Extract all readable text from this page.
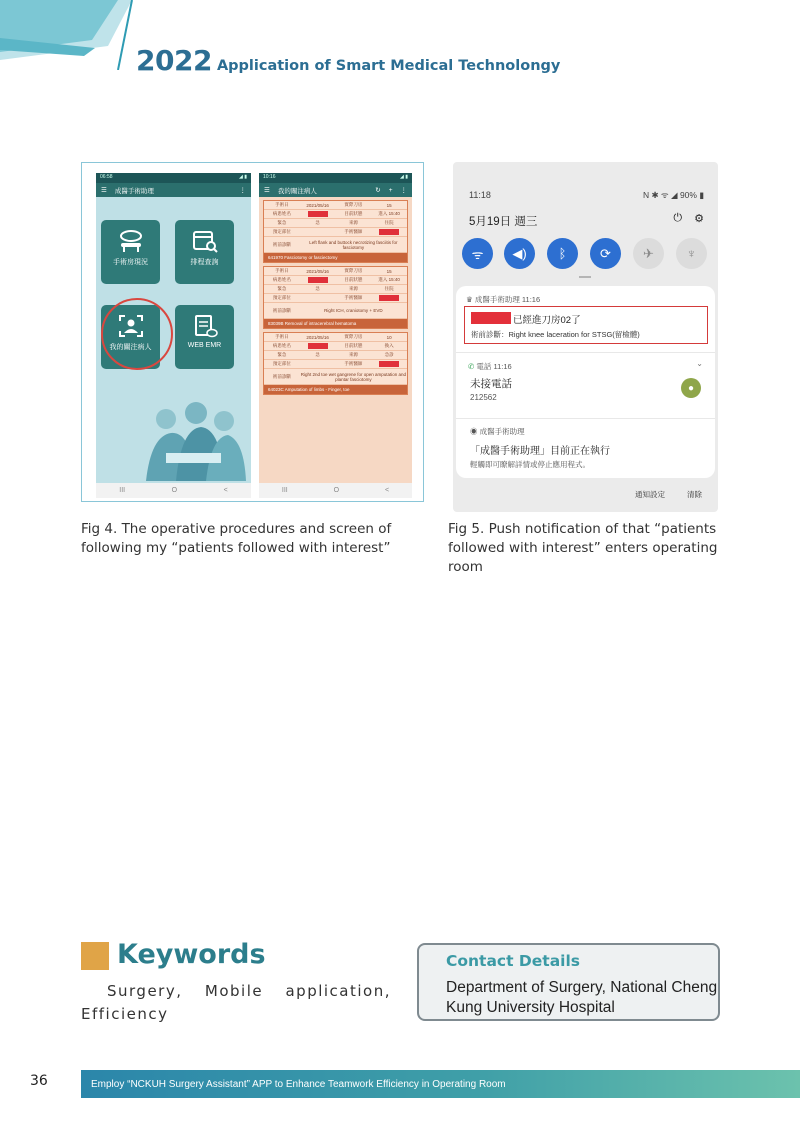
2022 Application of Smart Medical Technolongy
06:58	◢ ▮
☰ 成醫手術助理	⋮
手術房現況	排程查詢
我的關注病人	WEB EMR
III	O	<
10:16	◢ ▮
☰ 我的關注病人	↻ + ⋮
手術日	2021/05/16	實際刀房	15
病患姓名	目前狀態	進入 15:40
緊急	急	來源	住院
預定部位	手術醫師
術前診斷	Left flank and buttock necrotizing fasciitis for fasciotomy
641970 Fasciotomy or fasciectomy
手術日	2021/05/16	實際刀房	15
病患姓名	目前狀態	進入 15:40
緊急	急	來源	住院
預定部位	手術醫師
術前診斷	Right ICH, craniotomy + EVD
83039B Removal of intracerebral hematoma
手術日	2021/05/16	實際刀房	10
病患姓名	目前狀態	換入
緊急	急	來源	急診
預定部位	手術醫師
術前診斷	Right 2nd toe wet gangrene for open amputation and plantar fasciotomy
64023C Amputation of limbs - Finger, toe
III	O	<
11:18	N ✱ ᯤ ◢ 90% ▮
5月19日 週三	⏻ ⚙
ᯤ	◀)	ᛒ	⟳	✈	♆
♛ 成醫手術助理 11:16
已經進刀房02了
術前診斷：Right knee laceration for STSG(留檢體)
✆ 電話 11:16	⌄
未接電話
212562
●
◉ 成醫手術助理
「成醫手術助理」目前正在執行
輕觸即可瞭解詳情或停止應用程式。
通知設定	清除
Fig 4. The operative procedures and screen of following my “patients followed with interest”
Fig 5. Push notification of that “patients followed with interest” enters operating room
Keywords
Surgery, Mobile application, Efficiency
Contact Details
Department of Surgery, National Cheng Kung University Hospital
36	Employ “NCKUH Surgery Assistant” APP to Enhance Teamwork Efficiency in Operating Room
